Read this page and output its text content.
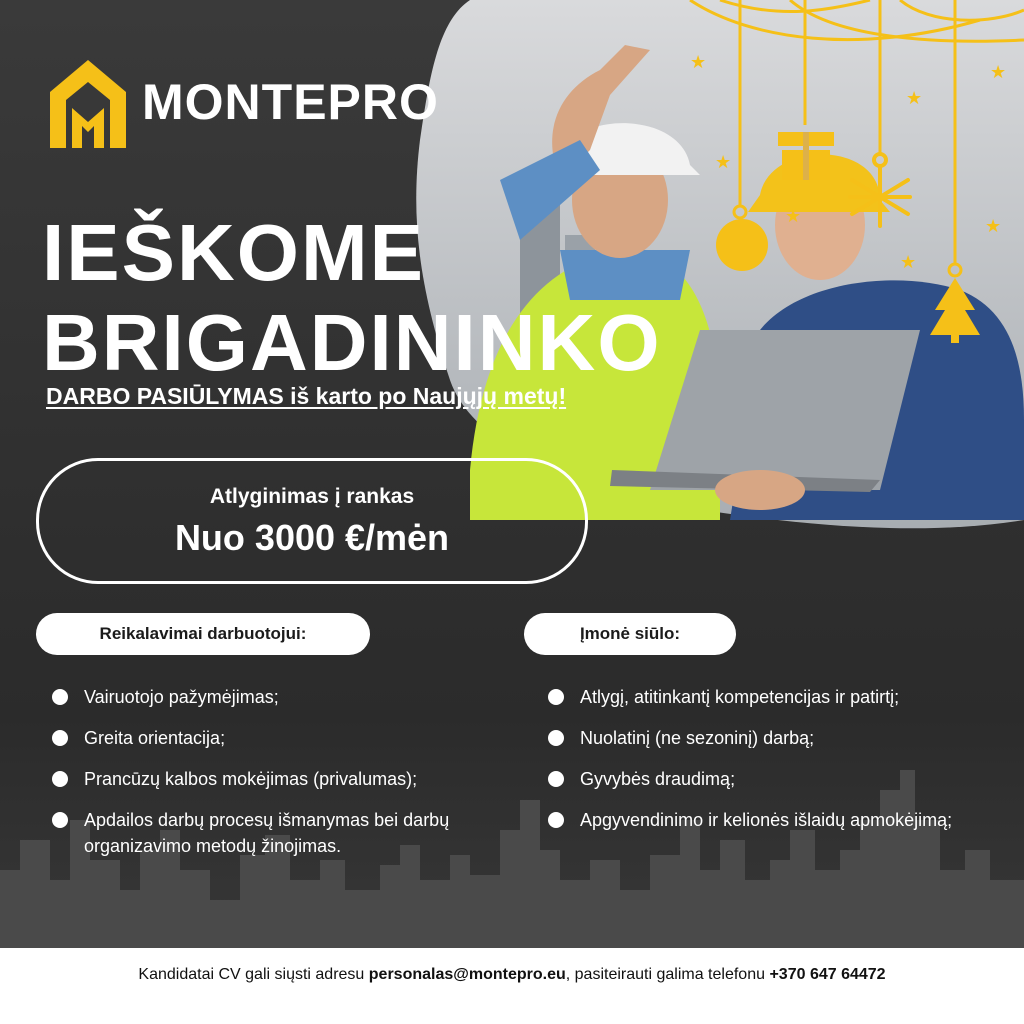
★
★
★
★
★	★
★
MONTEPRO
IEŠKOME
BRIGADININKO
DARBO PASIŪLYMAS iš karto po Naujųjų metų!
Atlyginimas į rankas
Nuo 3000 €/mėn
Reikalavimai darbuotojui:	Įmonė siūlo:
Vairuotojo pažymėjimas;
Greita orientacija;
Prancūzų kalbos mokėjimas (privalumas);
Apdailos darbų procesų išmanymas bei darbų organizavimo metodų žinojimas.
Atlygį, atitinkantį kompetencijas ir patirtį;
Nuolatinį (ne sezoninį) darbą;
Gyvybės draudimą;
Apgyvendinimo ir kelionės išlaidų apmokėjimą;
Kandidatai CV gali siųsti adresu personalas@montepro.eu, pasiteirauti galima telefonu +370 647 64472
